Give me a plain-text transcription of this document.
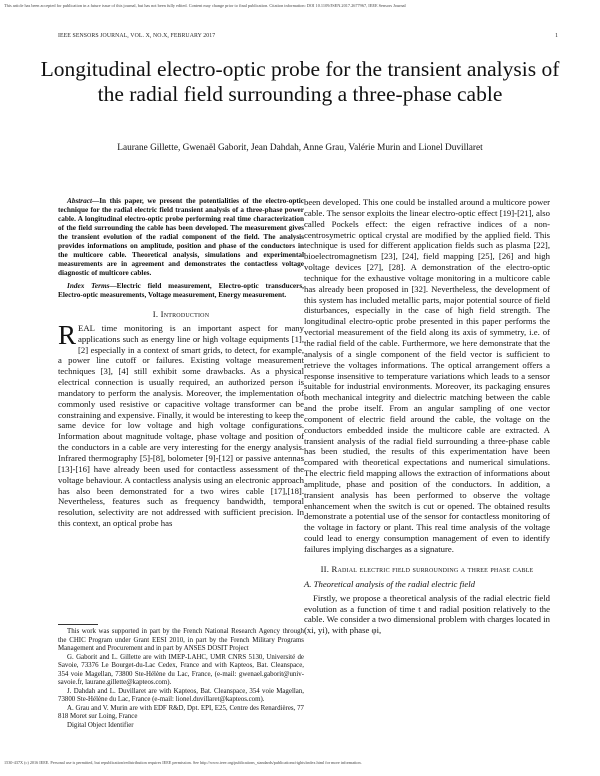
This article has been accepted for publication in a future issue of this journal, but has not been fully edited. Content may change prior to final publication. Citation information: DOI 10.1109/JSEN.2017.2677967, IEEE Sensors Journal
IEEE SENSORS JOURNAL, VOL. X, NO.X, FEBRUARY 2017	1
Longitudinal electro-optic probe for the transient analysis of the radial field surrounding a three-phase cable
Laurane Gillette, Gwenaël Gaborit, Jean Dahdah, Anne Grau, Valérie Murin and Lionel Duvillaret

Abstract—In this paper, we present the potentialities of the electro-optic technique for the radial electric field transient analysis of a three-phase power cable. A longitudinal electro-optic probe performing real time characterization of the field surrounding the cable has been developed. The measurement gives the transient evolution of the radial component of the field. The analysis provides informations on amplitude, position and phase of the conductors in the multicore cable. Theoretical analysis, simulations and experimental measurements are in agreement and demonstrates the contactless voltage diagnostic of multicore cables.

Index Terms—Electric field measurement, Electro-optic transducers, Electro-optic measurements, Voltage measurement, Energy measurement.

I. Introduction

REAL time monitoring is an important aspect for many applications such as energy line or high voltage equipments [1], [2] especially in a context of smart grids, to detect, for example, a power line cutoff or failures. Existing voltage measurement techniques [3], [4] still exhibit some drawbacks. As a physical electrical connection is usually required, an authorized person is mandatory to perform the analysis. Moreover, the implementation of commonly used resistive or capacitive voltage transformer can be constraining and expensive. Finally, it would be interesting to keep the same device for low voltage and high voltage configurations. Information about magnitude voltage, phase voltage and position of the conductors in a cable are very interesting for the energy analysis. Infrared thermography [5]-[8], bolometer [9]-[12] or passive antennas [13]-[16] have already been used for contactless assessment of the voltage behaviour. A contactless analysis using an electronic approach has also been demonstrated for a two wires cable [17],[18]. Nevertheless, features such as frequency bandwidth, temporal resolution, selectivity are not addressed with sufficient precision. In this context, an optical probe has

This work was supported in part by the French National Research Agency through the CHIC Program under Grant EESI 2010, in part by the French Military Programs Management and Procurement and in part by ANSES DOSIT Project

G. Gaborit and L. Gillette are with IMEP-LAHC, UMR CNRS 5130, Université de Savoie, 73376 Le Bourget-du-Lac Cedex, France and with Kapteos, Bat. Cleanspace, 354 voie Magellan, 73800 Ste-Hélène du Lac, France, (e-mail: gwenael.gaborit@univ-savoie.fr, laurane.gillette@kapteos.com).

J. Dahdah and L. Duvillaret are with Kapteos, Bat. Cleanspace, 354 voie Magellan, 73800 Ste-Hélène du Lac, France (e-mail: lionel.duvillaret@kapteos.com).

A. Grau and V. Murin are with EDF R&D, Dpt. EPI, E25, Centre des Renardières, 77 818 Moret sur Loing, France

Digital Object Identifier

been developed. This one could be installed around a multicore power cable. The sensor exploits the linear electro-optic effect [19]-[21], also called Pockels effect: the eigen refractive indices of a non-centrosymetric optical crystal are modified by the applied field. This technique is used for different application fields such as plasma [22], bioelectromagnetism [23], [24], field mapping [25], [26] and high voltage devices [27], [28]. A demonstration of the electro-optic technique for the exhaustive voltage monitoring in a multicore cable has already been proposed in [32]. Nevertheless, the development of this system has included metallic parts, major potential source of field disturbances, especially in the case of high field strength. The longitudinal electro-optic probe presented in this paper performs the vectorial measurement of the field along its axis of symmetry, i.e. of the radial field of the cable. Furthermore, we here demonstrate that the analysis of a single component of the field vector is sufficient to retrieve the voltages informations. The optical arrangement offers a response insensitive to temperature variations which leads to a sensor suitable for industrial environments. Moreover, its packaging ensures both mechanical integrity and dielectric matching between the cable and the probe itself. From an angular sampling of one vector component of electric field around the cable, the voltage on the conductors embedded inside the multicore cable are extracted. A transient analysis of the radial field surrounding a three-phase cable has been studied, the results of this experimentation have been compared with theoretical expectations and numerical simulations. The electric field mapping allows the extraction of informations about amplitude, phase and position of the conductors. In addition, a transient analysis has been performed to observe the voltage enhancement when the switch is cut or opened. The obtained results demonstrate a potential use of the sensor for contactless monitoring of the voltage in factory or plant. This real time analysis of the voltage could lead to energy consumption management of even to identify failures implying discharges as a signature.

II. Radial electric field surrounding a three phase cable
A. Theoretical analysis of the radial electric field

Firstly, we propose a theoretical analysis of the radial electric field evolution as a function of time t and radial position relatively to the cable. We consider a two dimensional problem with charges located in (xi, yi), with phase φi,

1530-437X (c) 2016 IEEE. Personal use is permitted, but republication/redistribution requires IEEE permission. See http://www.ieee.org/publications_standards/publications/rights/index.html for more information.
